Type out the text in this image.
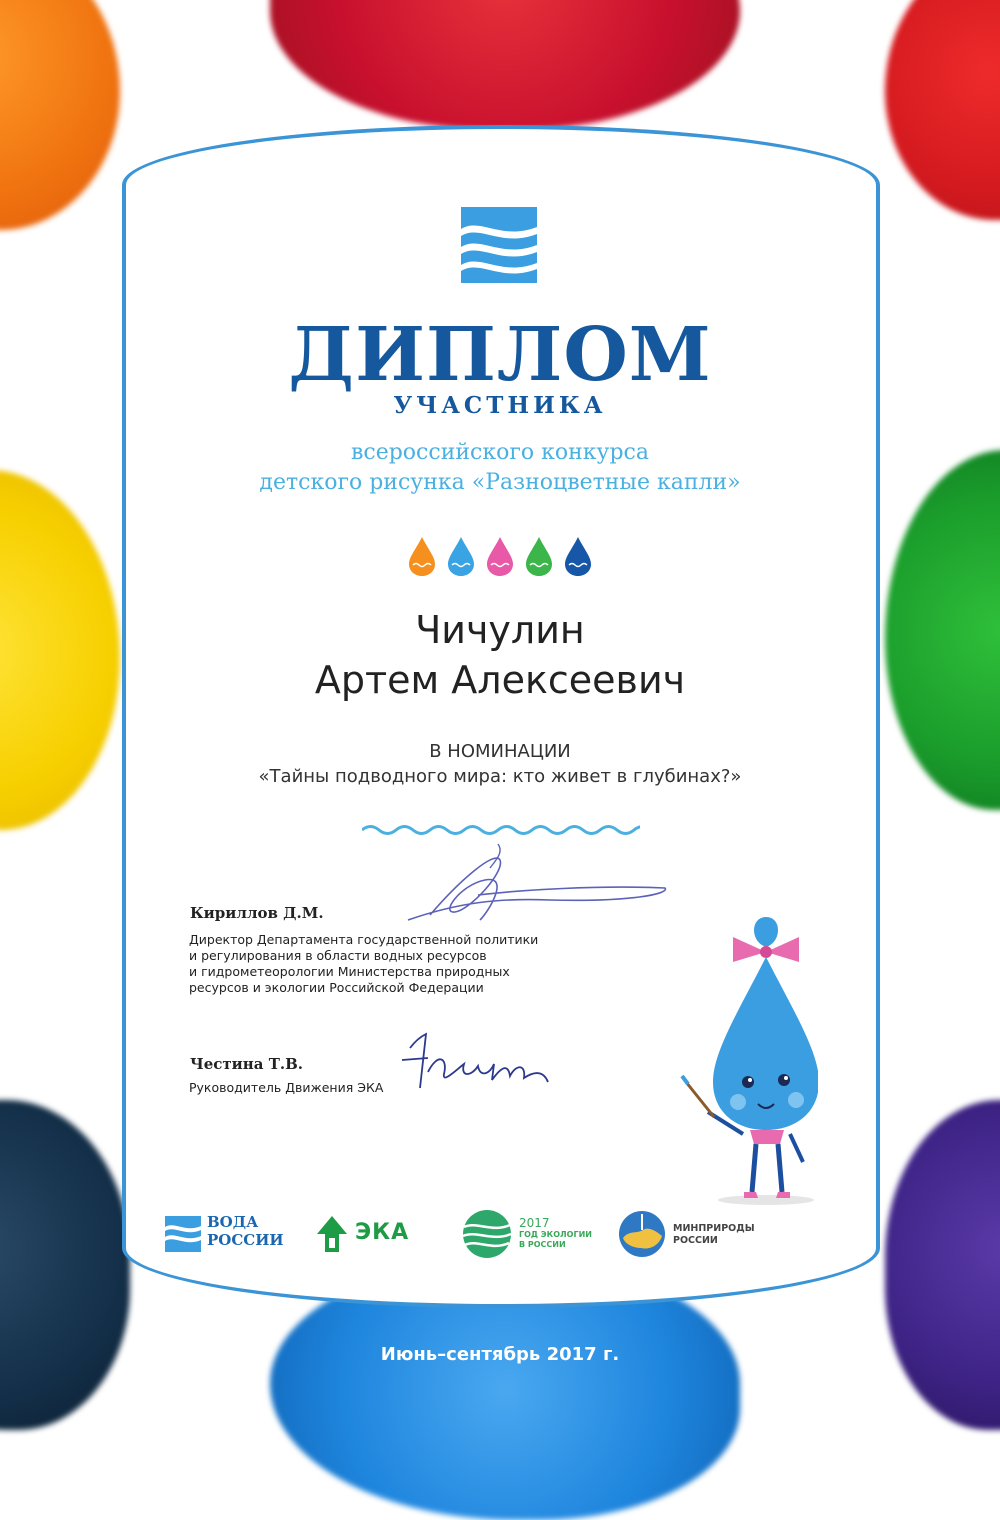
ДИПЛОМ
УЧАСТНИКА
всероссийского конкурса
детского рисунка «Разноцветные капли»
Чичулин
Артем Алексеевич
В НОМИНАЦИИ
«Тайны подводного мира: кто живет в глубинах?»
Кириллов Д.М.
Директор Департамента государственной политики
и регулирования в области водных ресурсов
и гидрометеорологии Министерства природных
ресурсов и экологии Российской Федерации
Честина Т.В.
Руководитель Движения ЭКА
ВОДА
РОССИИ	ЭКА	2017
ГОД ЭКОЛОГИИ
В РОССИИ
МИНПРИРОДЫ
РОССИИ
Июнь–сентябрь 2017 г.
